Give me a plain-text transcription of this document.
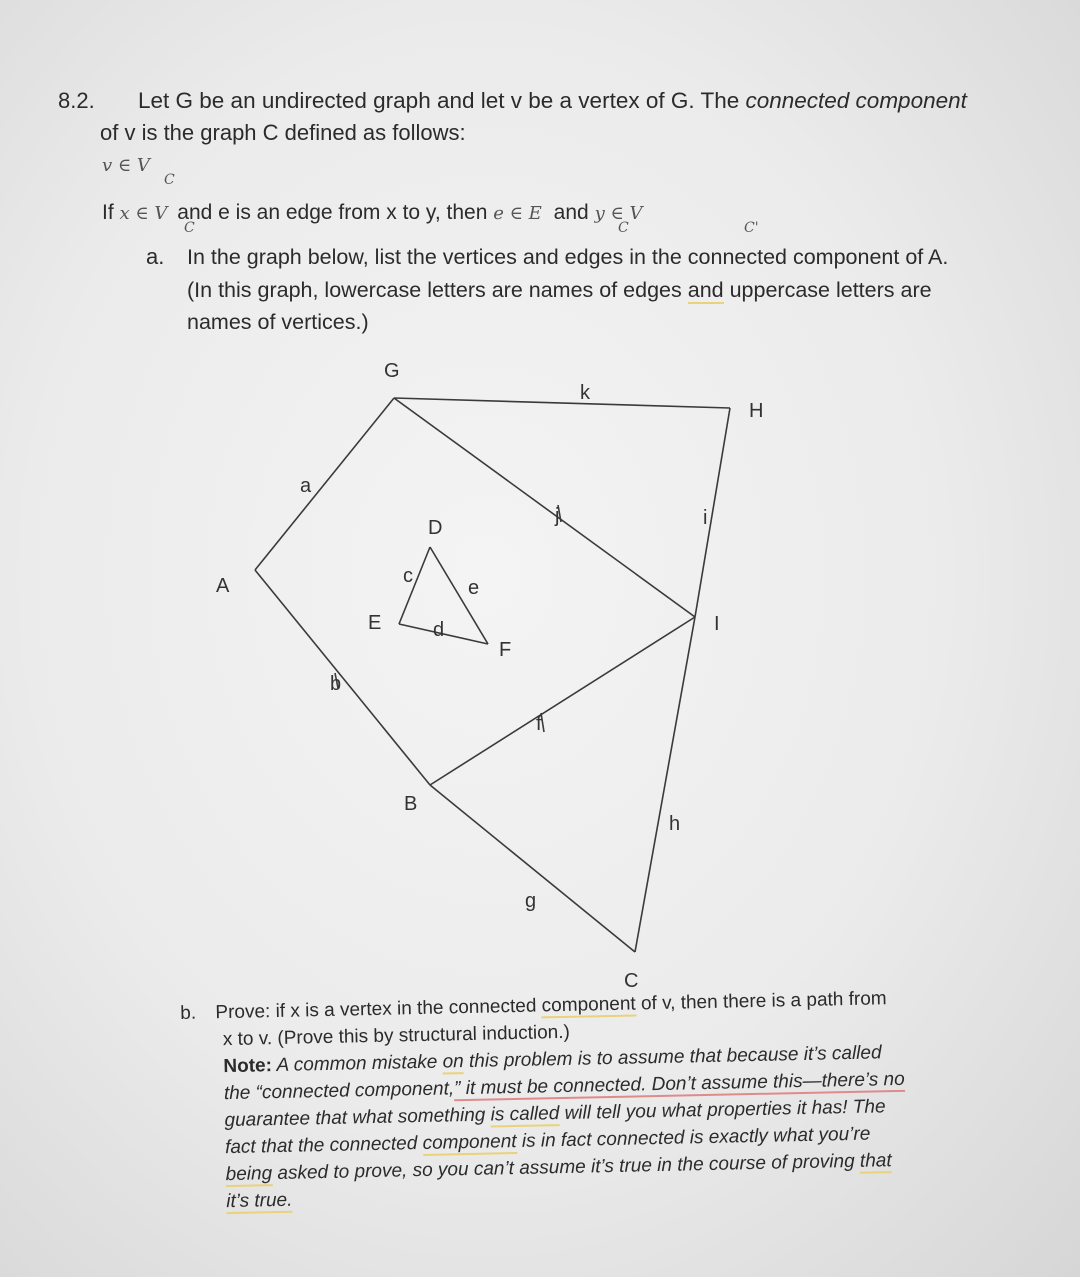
8.2. Let G be an undirected graph and let v be a vertex of G. The connected component
of v is the graph C defined as follows:
v ∈ V
C
If x ∈ V and e is an edge from x to y, then e ∈ E and y ∈ V
C	C	C'
a. In the graph below, list the vertices and edges in the connected component of A.
(In this graph, lowercase letters are names of edges and uppercase letters are
names of vertices.)
G
H
A
D
E
F
I
B
C
a
b
c
d
e
f
g
h
i
j
k
b. Prove: if x is a vertex in the connected component of v, then there is a path from
x to v. (Prove this by structural induction.)
Note: A common mistake on this problem is to assume that because it’s called
the “connected component,” it must be connected. Don’t assume this—there’s no
guarantee that what something is called will tell you what properties it has! The
fact that the connected component is in fact connected is exactly what you’re
being asked to prove, so you can’t assume it’s true in the course of proving that
it’s true.
